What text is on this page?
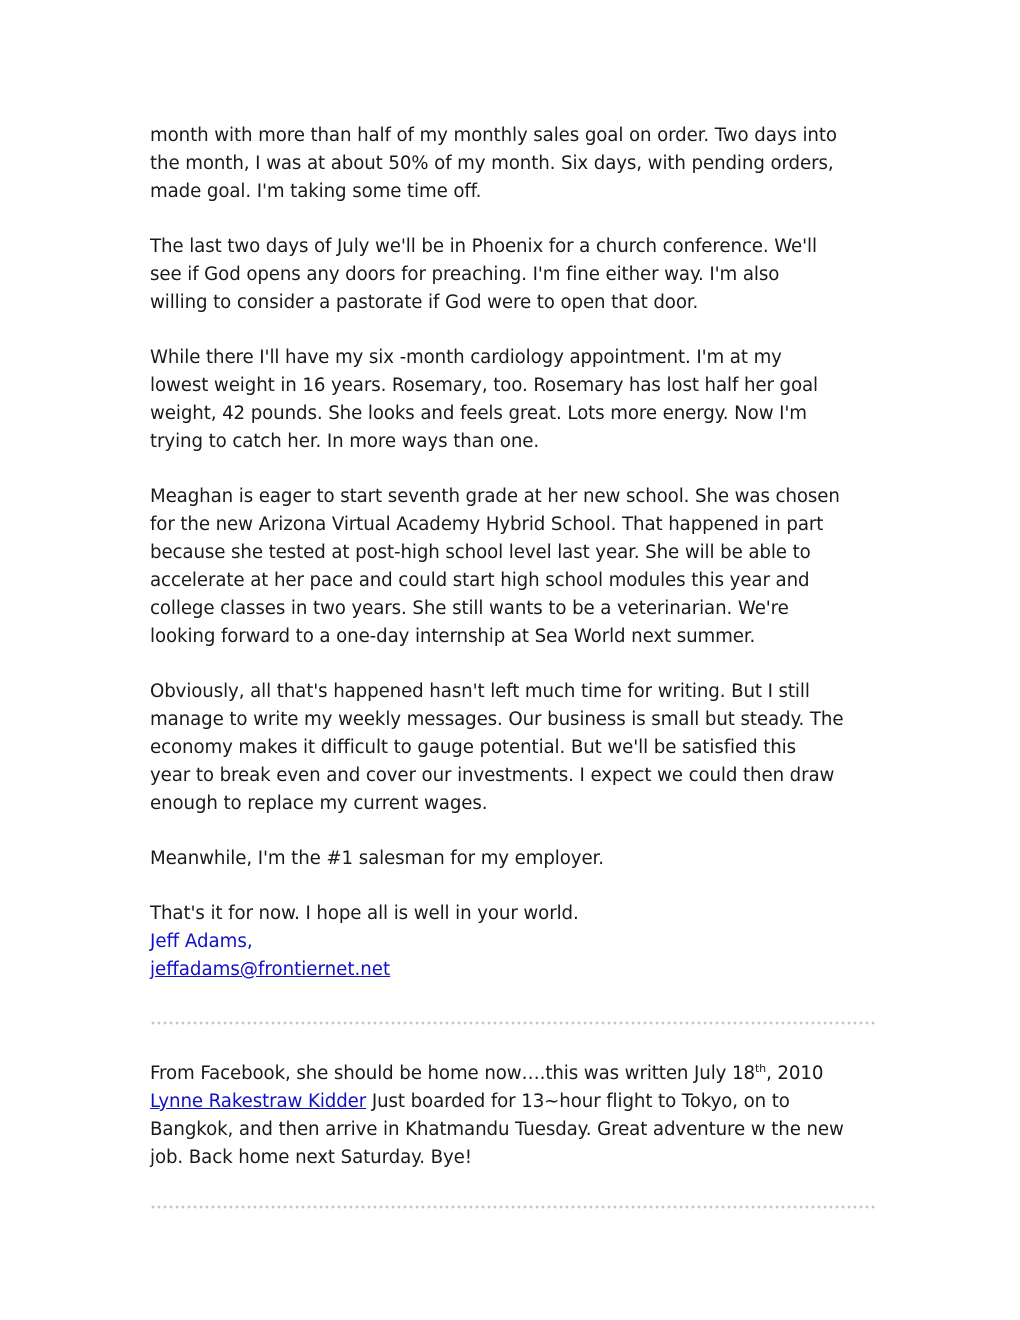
month with more than half of my monthly sales goal on order. Two days into
the month, I was at about 50% of my month. Six days, with pending orders,
made goal. I'm taking some time off.

The last two days of July we'll be in Phoenix for a church conference. We'll
see if God opens any doors for preaching. I'm fine either way. I'm also
willing to consider a pastorate if God were to open that door.

While there I'll have my six -month cardiology appointment. I'm at my
lowest weight in 16 years. Rosemary, too. Rosemary has lost half her goal
weight, 42 pounds. She looks and feels great. Lots more energy. Now I'm
trying to catch her. In more ways than one.

Meaghan is eager to start seventh grade at her new school. She was chosen
for the new Arizona Virtual Academy Hybrid School. That happened in part
because she tested at post-high school level last year. She will be able to
accelerate at her pace and could start high school modules this year and
college classes in two years. She still wants to be a veterinarian. We're
looking forward to a one-day internship at Sea World next summer.

Obviously, all that's happened hasn't left much time for writing. But I still
manage to write my weekly messages. Our business is small but steady. The
economy makes it difficult to gauge potential. But we'll be satisfied this
year to break even and cover our investments. I expect we could then draw
enough to replace my current wages.

Meanwhile, I'm the #1 salesman for my employer.

That's it for now. I hope all is well in your world.

Jeff Adams,
jeffadams@frontiernet.net

From Facebook, she should be home now….this was written July 18th, 2010
Lynne Rakestraw Kidder Just boarded for 13~hour flight to Tokyo, on to
Bangkok, and then arrive in Khatmandu Tuesday. Great adventure w the new
job. Back home next Saturday. Bye!
